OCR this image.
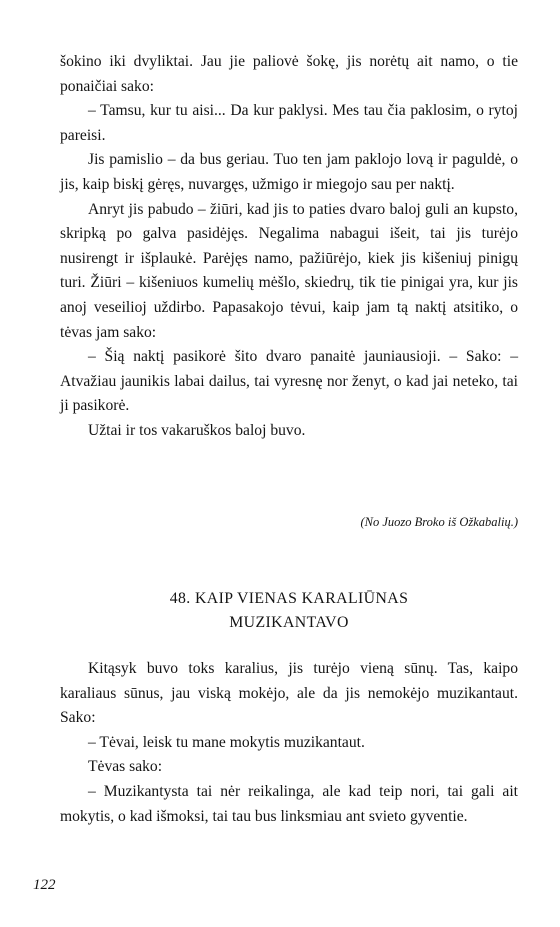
šokino iki dvyliktai. Jau jie paliovė šokę, jis norėtų ait namo, o tie ponaičiai sako:

– Tamsu, kur tu aisi... Da kur paklysi. Mes tau čia paklosim, o rytoj pareisi.

Jis pamislio – da bus geriau. Tuo ten jam paklojo lovą ir paguldė, o jis, kaip biskį gėręs, nuvargęs, užmigo ir miegojo sau per naktį.

Anryt jis pabudo – žiūri, kad jis to paties dvaro baloj guli an kupsto, skripką po galva pasidėjęs. Negalima nabagui išeit, tai jis turėjo nusirengt ir išplaukė. Parėjęs namo, pažiūrėjo, kiek jis kišeniuj pinigų turi. Žiūri – kišeniuos kumelių mėšlo, skiedrų, tik tie pinigai yra, kur jis anoj veseilioj uždirbo. Papasakojo tėvui, kaip jam tą naktį atsitiko, o tėvas jam sako:

– Šią naktį pasikorė šito dvaro panaitė jauniausioji. – Sako: – Atvažiau jaunikis labai dailus, tai vyresnę nor ženyt, o kad jai neteko, tai ji pasikorė.

Užtai ir tos vakaruškos baloj buvo.

(No Juozo Broko iš Ožkabalių.)
48. KAIP VIENAS KARALIŪNAS
MUZIKANTAVO

Kitąsyk buvo toks karalius, jis turėjo vieną sūnų. Tas, kaipo karaliaus sūnus, jau viską mokėjo, ale da jis nemokėjo muzikantaut. Sako:

– Tėvai, leisk tu mane mokytis muzikantaut.

Tėvas sako:

– Muzikantysta tai nėr reikalinga, ale kad teip nori, tai gali ait mokytis, o kad išmoksi, tai tau bus linksmiau ant svieto gyventie.

122
